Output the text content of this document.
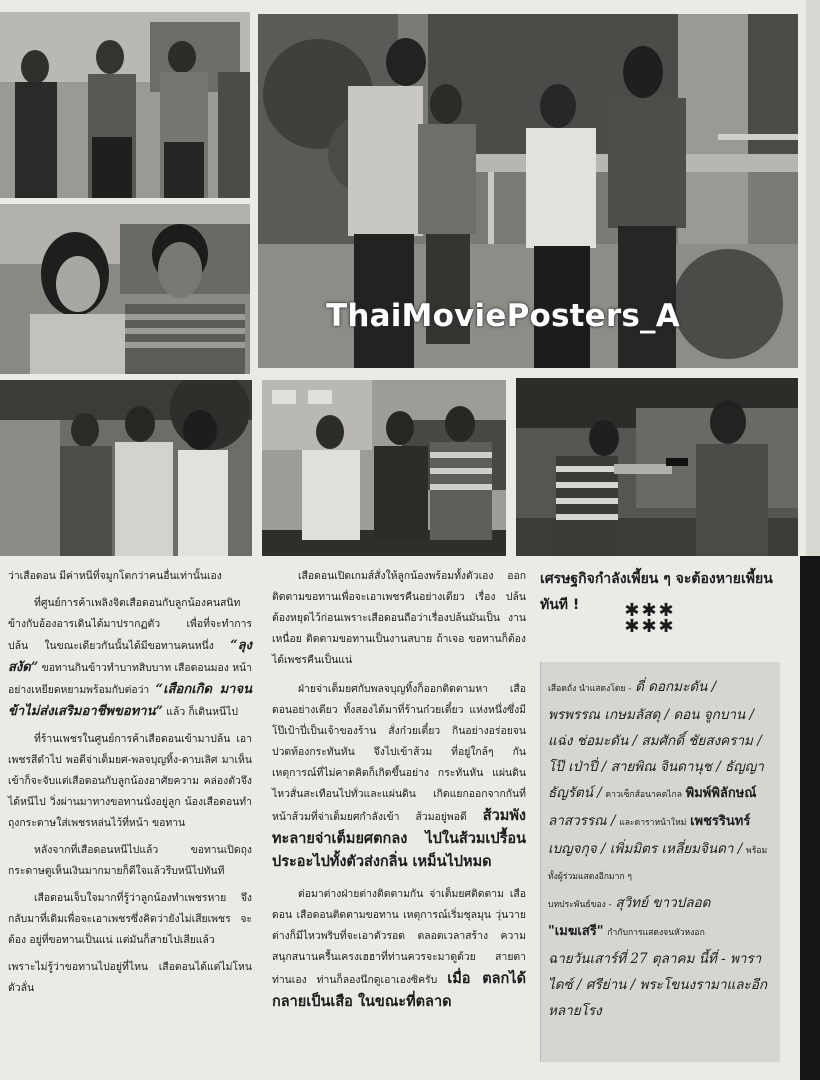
ThaiMoviePosters_A

ว่าเสือดอน มีค่าหนีที่จมูกโตกว่าคนอื่นเท่านั้นเอง

ที่ศูนย์การค้าเพลิงจิตเสือดอนกับลูกน้องคนสนิท ข้างกับอ้องอารเดินได้มาปรากฏตัว เพื่อที่จะทำการ ปล้น ในขณะเดียวกันนั้นได้มีขอทานคนหนึ่ง “ลุง สงัด” ขอทานกินข้าวทำบาทสิบบาท เสือดอนมอง หน้าอย่างเหยียดหยามพร้อมกับต่อว่า “เสือกเกิด มาจน ข้าไม่ส่งเสริมอาชีพขอทาน” แล้ว ก็เดินหนีไป

ที่ร้านเพชรในศูนย์การค้าเสือดอนเข้ามาปล้น เอา เพชรสีดำไป พอดีจ่าเต็มยศ-พลจบุญทิ้ง-ดาบเลิศ มาเห็นเข้าก็จะจับแต่เสือดอนกับลูกน้องอาศัยความ คล่องตัวจึงได้หนีไป วิ่งผ่านมาทางขอทานนั่งอยู่ลูก น้องเสือดอนทำถุงกระดาษใส่เพชรหล่นไว้ที่หน้า ขอทาน

หลังจากที่เสือดอนหนีไปแล้ว ขอทานเปิดถุง กระดาษดูเห็นเงินมากมายก็ดีใจแล้วรีบหนีไปทันที

เสือดอนเจ็บใจมากที่รู้ว่าลูกน้องทำเพชรหาย จึงกลับมาที่เดิมเพื่อจะเอาเพชรซึ่งคิดว่ายังไม่เสียเพชร จะต้อง อยู่ที่ขอทานเป็นแน่ แต่มันก็สายไปเสียแล้ว

เพราะไม่รู้ว่าขอทานไปอยู่ที่ไหน เสือดอนได้แต่ไม่โหน ตัวลั่น

เสือดอนเปิดเกมส์สั่งให้ลูกน้องพร้อมทั้งตัวเอง ออกติดตามขอทานเพื่อจะเอาเพชรคืนอย่างเดียว เรื่อง ปล้นต้องหยุดไว้ก่อนเพราะเสือดอนถือว่าเรื่องปล้นมันเป็น งานเหนื่อย ติดตามขอทานเป็นงานสบาย ถ้าเจอ ขอทานก็ต้องได้เพชรคืนเป็นแน่

ฝ่ายจ่าเต็มยศกับพลจบุญทิ้งก็ออกติดตามหา เสือ ดอนอย่างเดียว ทั้งสองได้มาที่ร้านก๋วยเตี๋ยว แห่งหนึ่งซึ่งมีโป๊เป้าปี่เป็นเจ้าของร้าน สั่งก๋วยเตี๋ยว กินอย่างอร่อยจนปวดท้องกระทันหัน จึงไปเข้าส้วม ที่อยู่ใกล้ๆ กัน เหตุการณ์ที่ไม่คาดคิดก็เกิดขึ้นอย่าง กระทันหัน แผ่นดินไหวสั่นสะเทือนไปทั่วและแผ่นดิน เกิดแยกออกจากกันที่หน้าส้วมที่จ่าเต็มยศกำลังเข้า ส้วมอยู่พอดี ส้วมพังทะลายจ่าเต็มยศตกลง ไปในส้วมเปรื้อนประอะไปทั้งตัวส่งกลิ่น เหม็นไปหมด

ต่อมาต่างฝ่ายต่างติดตามกัน จ่าเต็มยศติดตาม เสือดอน เสือดอนติดตามขอทาน เหตุการณ์เริ่มชุลมุน วุ่นวาย ต่างก็มีไหวพริบที่จะเอาตัวรอด ตลอดเวลาสร้าง ความสนุกสนานครื้นเครงเฮฮาที่ท่านควรจะมาดูด้วย สายตาท่านเอง ท่านก็ลองนึกดูเอาเองซิครับ เมื่อ ตลกได้กลายเป็นเสือ ในขณะที่ตลาด

เศรษฐกิจกำลังเพี้ยน ๆ จะต้องหายเพี้ยน ทันที !	✱✱✱
✱✱✱
เสือดถั่ง นำแสดงโดย - ดี่ ดอกมะดัน /
พรพรรณ เกษมลัสดุ / ดอน จูกบาน /
แฉ่ง ช่อมะดัน / สมศักดิ์ ชัยสงคราม /
โป๊ เป่าปี่ / สายพิณ จินดานุช / ธัญญา
ธัญรัตน์ / ดาวเซ็กส์อนาคตไกล พิมพ์พิลักษณ์
ลาสวรรณ / และดาราหน้าใหม่ เพชรรินทร์
เบญจกุจ / เพิ่มมิตร เหลี่ยมจินดา / พร้อม
ทั้งผู้ร่วมแสดงอีกมาก ๆ
บทประพันธ์ของ - สุวิทย์ ขาวปลอด
"เมฆเสรี" กำกับการแสดงจนหัวหงอก
ฉายวันเสาร์ที่ 27 ตุลาคม นี้ที่ - พารา
ไดซ์ / ศรีย่าน / พระโขนงรามาและอีก
หลายโรง
